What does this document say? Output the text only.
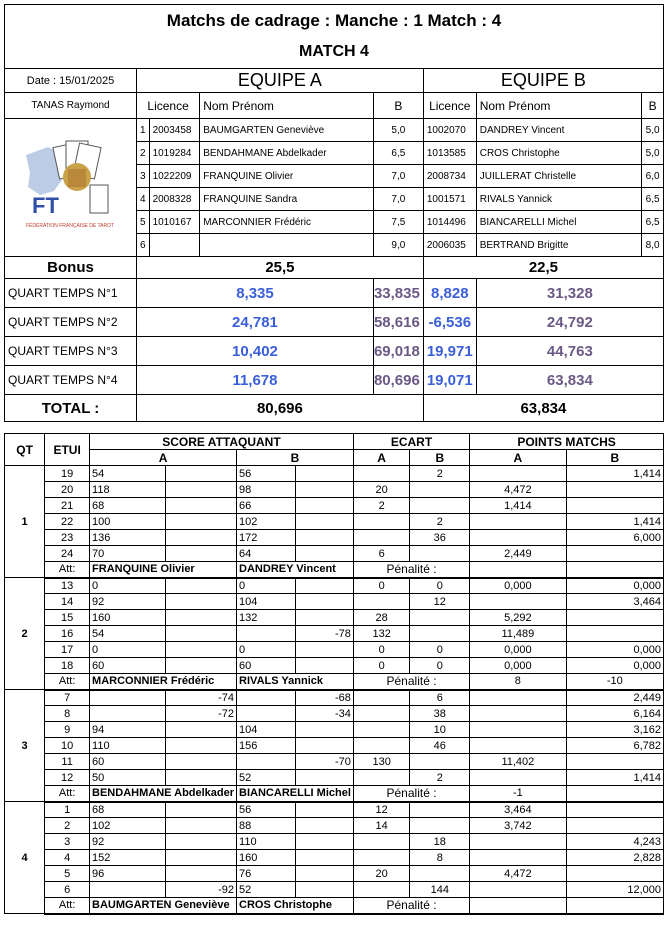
Matchs de cadrage : Manche : 1 Match : 4							
MATCH 4							
Date : 15/01/2025	EQUIPE A				EQUIPE B		
TANAS Raymond	Licence		Nom Prénom	B	Licence	Nom Prénom	B

FT
FÉDÉRATION FRANÇAISE DE TAROT	1	2003458	BAUMGARTEN Geneviève	5,0	1002070	DANDREY Vincent	5,0
	2	1019284	BENDAHMANE Abdelkader	6,5	1013585	CROS Christophe	5,0
	3	1022209	FRANQUINE Olivier	7,0	2008734	JUILLERAT Christelle	6,0
	4	2008328	FRANQUINE Sandra	7,0	1001571	RIVALS Yannick	6,5
	5	1010167	MARCONNIER Frédéric	7,5	1014496	BIANCARELLI Michel	6,5
	6			9,0	2006035	BERTRAND Brigitte	8,0
Bonus	25,5				22,5		
QUART TEMPS N°1	8,335			33,835	8,828	31,328	
QUART TEMPS N°2	24,781			58,616	-6,536	24,792	
QUART TEMPS N°3	10,402			69,018	19,971	44,763	
QUART TEMPS N°4	11,678			80,696	19,071	63,834	
TOTAL :	80,696				63,834		
QT	ETUI	SCORE ATTAQUANT				ECART		POINTS MATCHS	
		A		B		A	B	A	B
1	19	54		56			2		1,414
	20	118		98		20		4,472	
	21	68		66		2		1,414	
	22	100		102			2		1,414
	23	136		172			36		6,000
	24	70		64		6		2,449	
	Att:	FRANQUINE Olivier		DANDREY Vincent		Pénalité :			
2	13	0		0		0	0	0,000	0,000
	14	92		104			12		3,464
	15	160		132		28		5,292	
	16	54			-78	132		11,489	
	17	0		0		0	0	0,000	0,000
	18	60		60		0	0	0,000	0,000
	Att:	MARCONNIER Frédéric		RIVALS Yannick		Pénalité :		8	-10
3	7		-74		-68		6		2,449
	8		-72		-34		38		6,164
	9	94		104			10		3,162
	10	110		156			46		6,782
	11	60			-70	130		11,402	
	12	50		52			2		1,414
	Att:	BENDAHMANE Abdelkader		BIANCARELLI Michel		Pénalité :		-1	
4	1	68		56		12		3,464	
	2	102		88		14		3,742	
	3	92		110			18		4,243
	4	152		160			8		2,828
	5	96		76		20		4,472	
	6		-92	52			144		12,000
	Att:	BAUMGARTEN Geneviève		CROS Christophe		Pénalité :			
